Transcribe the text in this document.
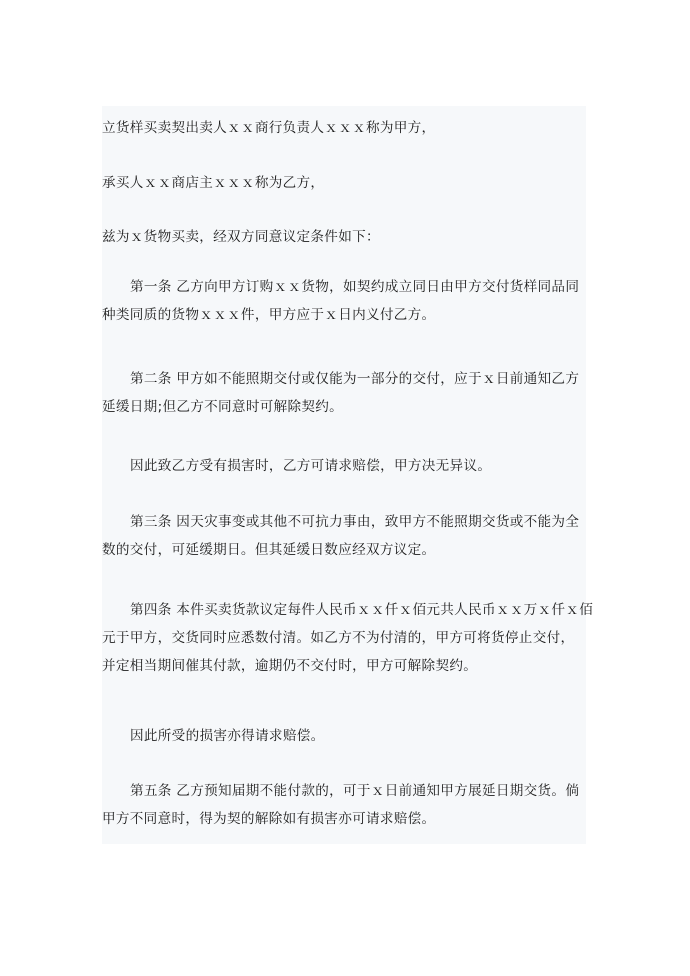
立货样买卖契出卖人ｘｘ商行负责人ｘｘｘ称为甲方，
承买人ｘｘ商店主ｘｘｘ称为乙方，
兹为ｘ货物买卖，经双方同意议定条件如下：
第一条 乙方向甲方订购ｘｘ货物，如契约成立同日由甲方交付货样同品同
种类同质的货物ｘｘｘ件，甲方应于ｘ日内义付乙方。
第二条 甲方如不能照期交付或仅能为一部分的交付，应于ｘ日前通知乙方
延缓日期;但乙方不同意时可解除契约。
因此致乙方受有损害时，乙方可请求赔偿，甲方决无异议。
第三条 因天灾事变或其他不可抗力事由，致甲方不能照期交货或不能为全
数的交付，可延缓期日。但其延缓日数应经双方议定。
第四条 本件买卖货款议定每件人民币ｘｘ仟ｘ佰元共人民币ｘｘ万ｘ仟ｘ佰
元于甲方，交货同时应悉数付清。如乙方不为付清的，甲方可将货停止交付，
并定相当期间催其付款，逾期仍不交付时，甲方可解除契约。
因此所受的损害亦得请求赔偿。
第五条 乙方预知届期不能付款的，可于ｘ日前通知甲方展延日期交货。倘
甲方不同意时，得为契的解除如有损害亦可请求赔偿。
